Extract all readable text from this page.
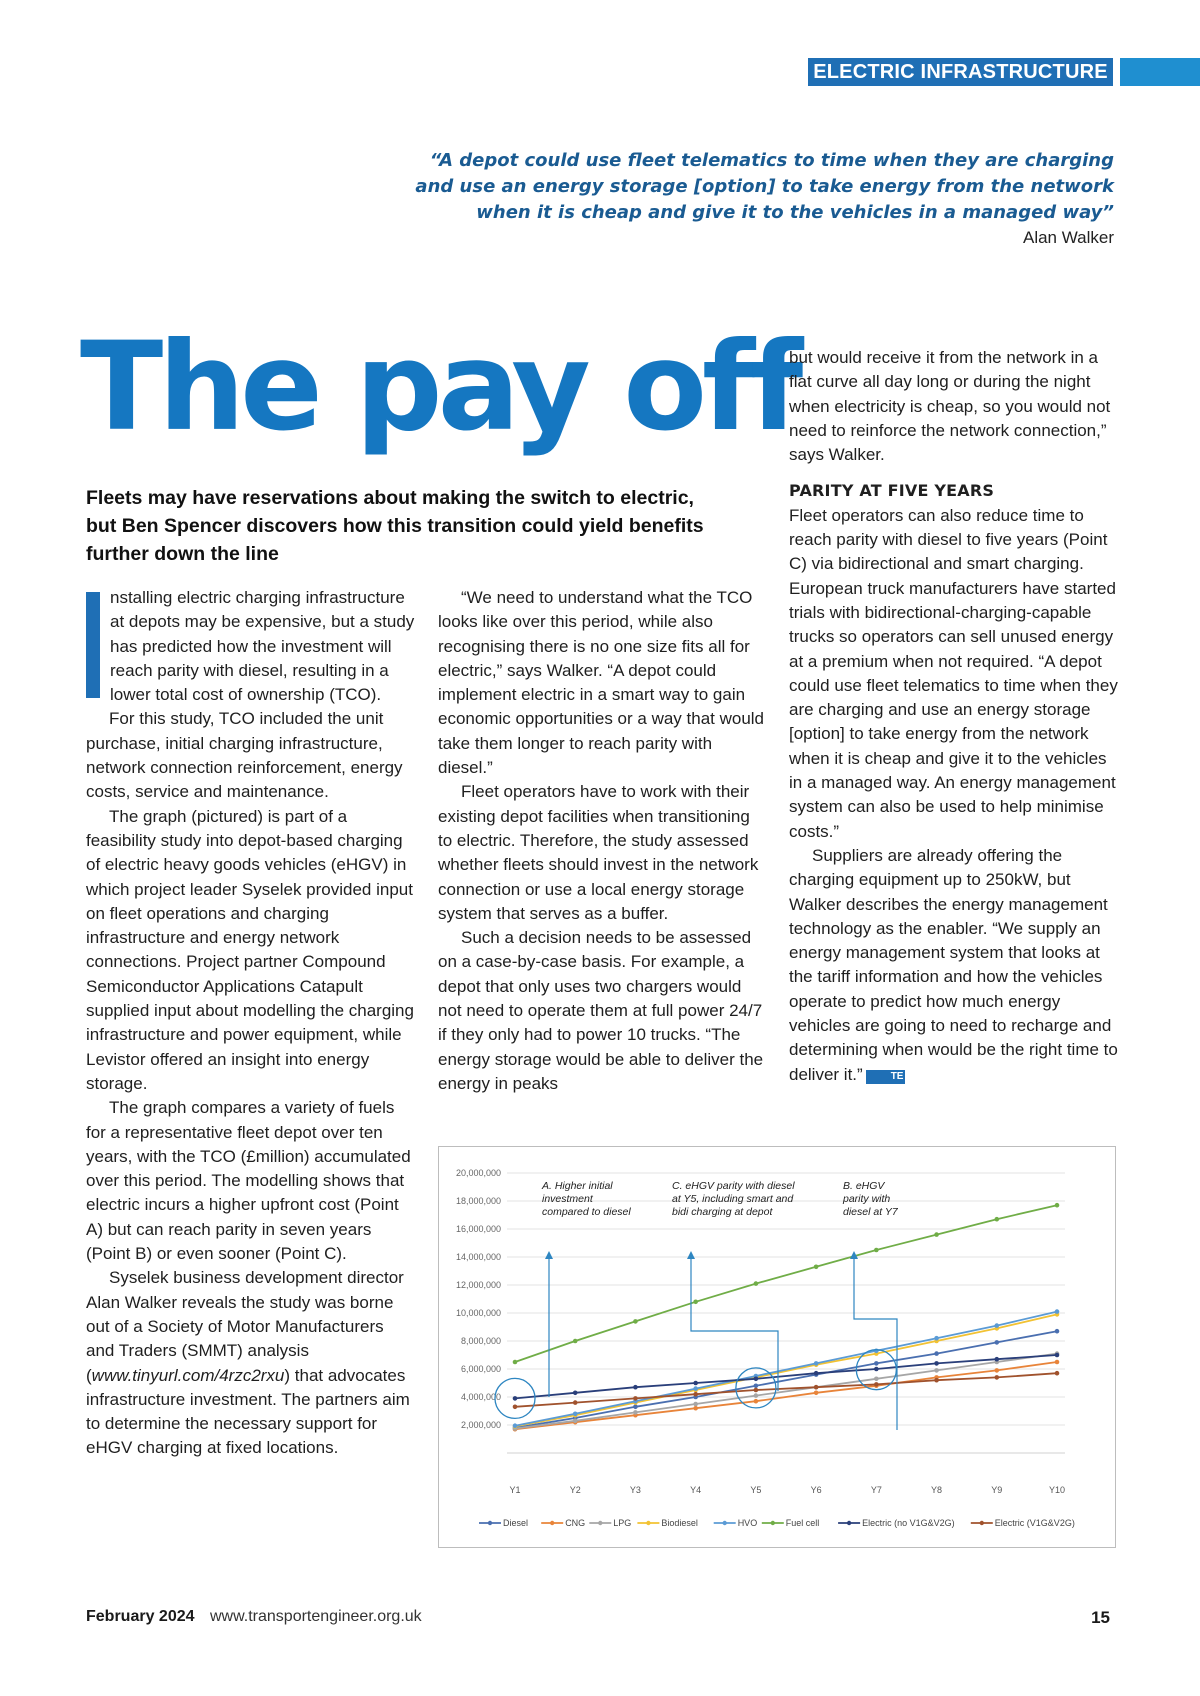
ELECTRIC INFRASTRUCTURE
“A depot could use fleet telematics to time when they are charging and use an energy storage [option] to take energy from the network when it is cheap and give it to the vehicles in a managed way”
Alan Walker
The pay off
Fleets may have reservations about making the switch to electric, but Ben Spencer discovers how this transition could yield benefits further down the line

nstalling electric charging infrastructure at depots may be expensive, but a study has predicted how the investment will reach parity with diesel, resulting in a lower total cost of ownership (TCO).

For this study, TCO included the unit purchase, initial charging infrastructure, network connection reinforcement, energy costs, service and maintenance.

The graph (pictured) is part of a feasibility study into depot-based charging of electric heavy goods vehicles (eHGV) in which project leader Syselek provided input on fleet operations and charging infrastructure and energy network connections. Project partner Compound Semiconductor Applications Catapult supplied input about modelling the charging infrastructure and power equipment, while Levistor offered an insight into energy storage.

The graph compares a variety of fuels for a representative fleet depot over ten years, with the TCO (£million) accumulated over this period. The modelling shows that electric incurs a higher upfront cost (Point A) but can reach parity in seven years (Point B) or even sooner (Point C).

Syselek business development director Alan Walker reveals the study was borne out of a Society of Motor Manufacturers and Traders (SMMT) analysis (www.tinyurl.com/4rzc2rxu) that advocates infrastructure investment. The partners aim to determine the necessary support for eHGV charging at fixed locations.

“We need to understand what the TCO looks like over this period, while also recognising there is no one size fits all for electric,” says Walker. “A depot could implement electric in a smart way to gain economic opportunities or a way that would take them longer to reach parity with diesel.”

Fleet operators have to work with their existing depot facilities when transitioning to electric. Therefore, the study assessed whether fleets should invest in the network connection or use a local energy storage system that serves as a buffer.

Such a decision needs to be assessed on a case-by-case basis. For example, a depot that only uses two chargers would not need to operate them at full power 24/7 if they only had to power 10 trucks. “The energy storage would be able to deliver the energy in peaks

but would receive it from the network in a flat curve all day long or during the night when electricity is cheap, so you would not need to reinforce the network connection,” says Walker.

PARITY AT FIVE YEARS

Fleet operators can also reduce time to reach parity with diesel to five years (Point C) via bidirectional and smart charging. European truck manufacturers have started trials with bidirectional-charging-capable trucks so operators can sell unused energy at a premium when not required. “A depot could use fleet telematics to time when they are charging and use an energy storage [option] to take energy from the network when it is cheap and give it to the vehicles in a managed way. An energy management system can also be used to help minimise costs.”

Suppliers are already offering the charging equipment up to 250kW, but Walker describes the energy management technology as the enabler. “We supply an energy management system that looks at the tariff information and how the vehicles operate to predict how much energy vehicles are going to need to recharge and determining when would be the right time to deliver it.”	TE

20,000,000
18,000,000
16,000,000
14,000,000
12,000,000
10,000,000
8,000,000
6,000,000
4,000,000
2,000,000
Y1	Y2	Y3	Y4	Y5	Y6	Y7	Y8	Y9	Y10
A. Higher initial
investment
compared to diesel
C. eHGV parity with diesel
at Y5, including smart and
bidi charging at depot
B. eHGV
parity with
diesel at Y7
Diesel	CNG	LPG	Biodiesel	HVO	Fuel cell	Electric (no V1G&V2G)	Electric (V1G&V2G)
February 2024 www.transportengineer.org.uk	15
